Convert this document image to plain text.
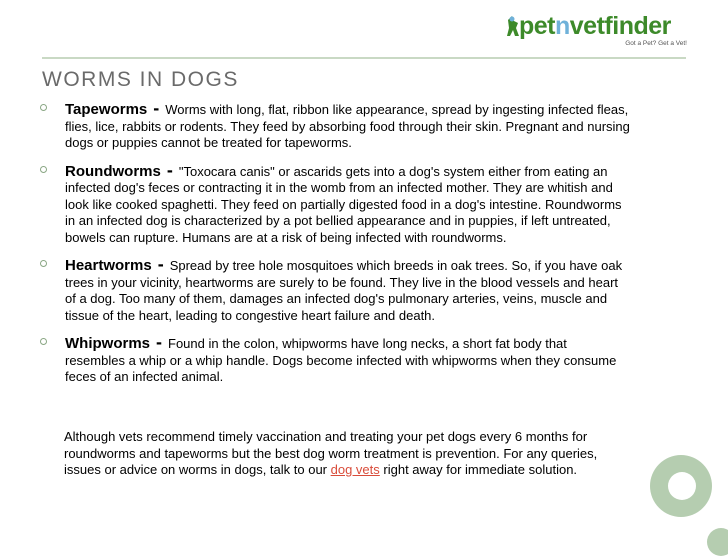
petnvetfinder
Got a Pet? Get a Vet!
WORMS IN DOGS
Tapeworms - Worms with long, flat, ribbon like appearance, spread by ingesting infected fleas, flies, lice, rabbits or rodents. They feed by absorbing food through their skin. Pregnant and nursing dogs or puppies cannot be treated for tapeworms.
Roundworms - "Toxocara canis" or ascarids gets into a dog's system either from eating an infected dog's feces or contracting it in the womb from an infected mother. They are whitish and look like cooked spaghetti. They feed on partially digested food in a dog's intestine. Roundworms in an infected dog is characterized by a pot bellied appearance and in puppies, if left untreated, bowels can rupture. Humans are at a risk of being infected with roundworms.
Heartworms - Spread by tree hole mosquitoes which breeds in oak trees. So, if you have oak trees in your vicinity, heartworms are surely to be found. They live in the blood vessels and heart of a dog. Too many of them, damages an infected dog's pulmonary arteries, veins, muscle and tissue of the heart, leading to congestive heart failure and death.
Whipworms - Found in the colon, whipworms have long necks, a short fat body that resembles a whip or a whip handle. Dogs become infected with whipworms when they consume feces of an infected animal.
Although vets recommend timely vaccination and treating your pet dogs every 6 months for roundworms and tapeworms but the best dog worm treatment is prevention. For any queries, issues or advice on worms in dogs, talk to our dog vets right away for immediate solution.
